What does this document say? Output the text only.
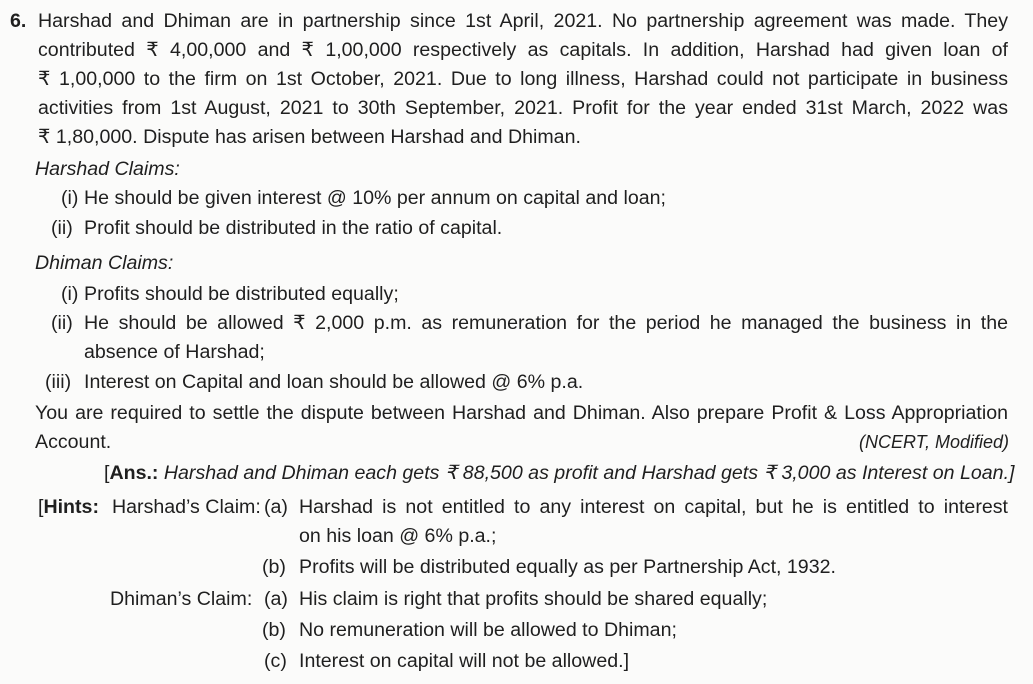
6. Harshad and Dhiman are in partnership since 1st April, 2021. No partnership agreement was made. They
contributed ₹ 4,00,000 and ₹ 1,00,000 respectively as capitals. In addition, Harshad had given loan of
₹ 1,00,000 to the firm on 1st October, 2021. Due to long illness, Harshad could not participate in business
activities from 1st August, 2021 to 30th September, 2021. Profit for the year ended 31st March, 2022 was
₹ 1,80,000. Dispute has arisen between Harshad and Dhiman.
Harshad Claims:
(i) He should be given interest @ 10% per annum on capital and loan;
(ii) Profit should be distributed in the ratio of capital.
Dhiman Claims:
(i) Profits should be distributed equally;
(ii) He should be allowed ₹ 2,000 p.m. as remuneration for the period he managed the business in the
absence of Harshad;
(iii) Interest on Capital and loan should be allowed @ 6% p.a.
You are required to settle the dispute between Harshad and Dhiman. Also prepare Profit & Loss Appropriation
Account.	(NCERT, Modified)
[Ans.: Harshad and Dhiman each gets ₹ 88,500 as profit and Harshad gets ₹ 3,000 as Interest on Loan.]
[Hints: Harshad’s Claim: (a) Harshad is not entitled to any interest on capital, but he is entitled to interest
on his loan @ 6% p.a.;
(b) Profits will be distributed equally as per Partnership Act, 1932.
Dhiman’s Claim: (a) His claim is right that profits should be shared equally;
(b) No remuneration will be allowed to Dhiman;
(c) Interest on capital will not be allowed.]
